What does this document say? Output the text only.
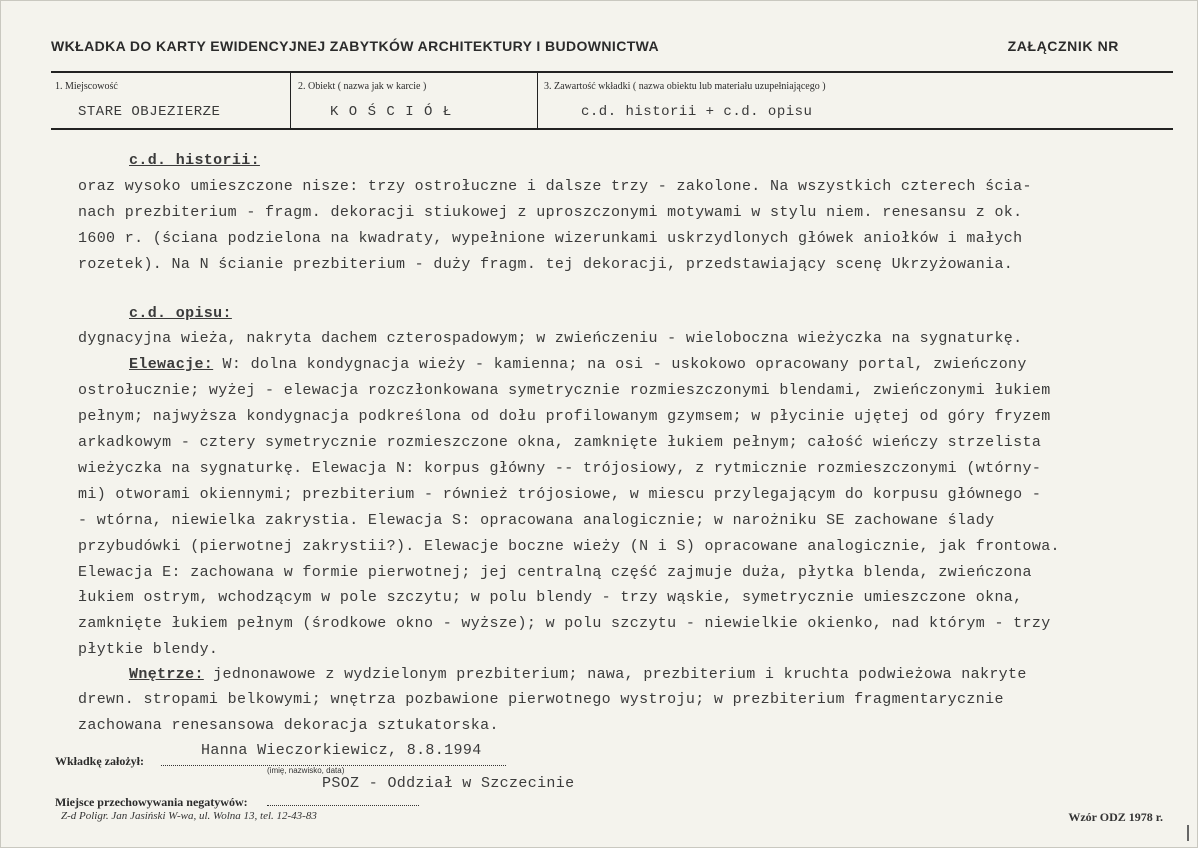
WKŁADKA DO KARTY EWIDENCYJNEJ ZABYTKÓW ARCHITEKTURY I BUDOWNICTWA	ZAŁĄCZNIK NR
1. Miejscowość
STARE OBJEZIERZE
2. Obiekt ( nazwa jak w karcie )
K O Ś C I Ó Ł
3. Zawartość wkładki ( nazwa obiektu lub materiału uzupełniającego )
c.d. historii + c.d. opisu
c.d. historii:
oraz wysoko umieszczone nisze: trzy ostrołuczne i dalsze trzy - zakolone. Na wszystkich czterech ścia-
nach prezbiterium - fragm. dekoracji stiukowej z uproszczonymi motywami w stylu niem. renesansu z ok.
1600 r. (ściana podzielona na kwadraty, wypełnione wizerunkami uskrzydlonych główek aniołków i małych
rozetek). Na N ścianie prezbiterium - duży fragm. tej dekoracji, przedstawiający scenę Ukrzyżowania.
c.d. opisu:
dygnacyjna wieża, nakryta dachem czterospadowym; w zwieńczeniu - wieloboczna wieżyczka na sygnaturkę.
Elewacje: W: dolna kondygnacja wieży - kamienna; na osi - uskokowo opracowany portal, zwieńczony
ostrołucznie; wyżej - elewacja rozczłonkowana symetrycznie rozmieszczonymi blendami, zwieńczonymi łukiem
pełnym; najwyższa kondygnacja podkreślona od dołu profilowanym gzymsem; w płycinie ujętej od góry fryzem
arkadkowym - cztery symetrycznie rozmieszczone okna, zamknięte łukiem pełnym; całość wieńczy strzelista
wieżyczka na sygnaturkę. Elewacja N: korpus główny -- trójosiowy, z rytmicznie rozmieszczonymi (wtórny-
mi) otworami okiennymi; prezbiterium - również trójosiowe, w miescu przylegającym do korpusu głównego -
- wtórna, niewielka zakrystia. Elewacja S: opracowana analogicznie; w narożniku SE zachowane ślady
przybudówki (pierwotnej zakrystii?). Elewacje boczne wieży (N i S) opracowane analogicznie, jak frontowa.
Elewacja E: zachowana w formie pierwotnej; jej centralną część zajmuje duża, płytka blenda, zwieńczona
łukiem ostrym, wchodzącym w pole szczytu; w polu blendy - trzy wąskie, symetrycznie umieszczone okna,
zamknięte łukiem pełnym (środkowe okno - wyższe); w polu szczytu - niewielkie okienko, nad którym - trzy
płytkie blendy.
Wnętrze: jednonawowe z wydzielonym prezbiterium; nawa, prezbiterium i kruchta podwieżowa nakryte
drewn. stropami belkowymi; wnętrza pozbawione pierwotnego wystroju; w prezbiterium fragmentarycznie
zachowana renesansowa dekoracja sztukatorska.
Wkładkę założył:
Hanna Wieczorkiewicz, 8.8.1994
(imię, nazwisko, data)
PSOZ - Oddział w Szczecinie
Miejsce przechowywania negatywów:
Z-d Poligr. Jan Jasiński W-wa, ul. Wolna 13, tel. 12-43-83	Wzór ODZ 1978 r.
